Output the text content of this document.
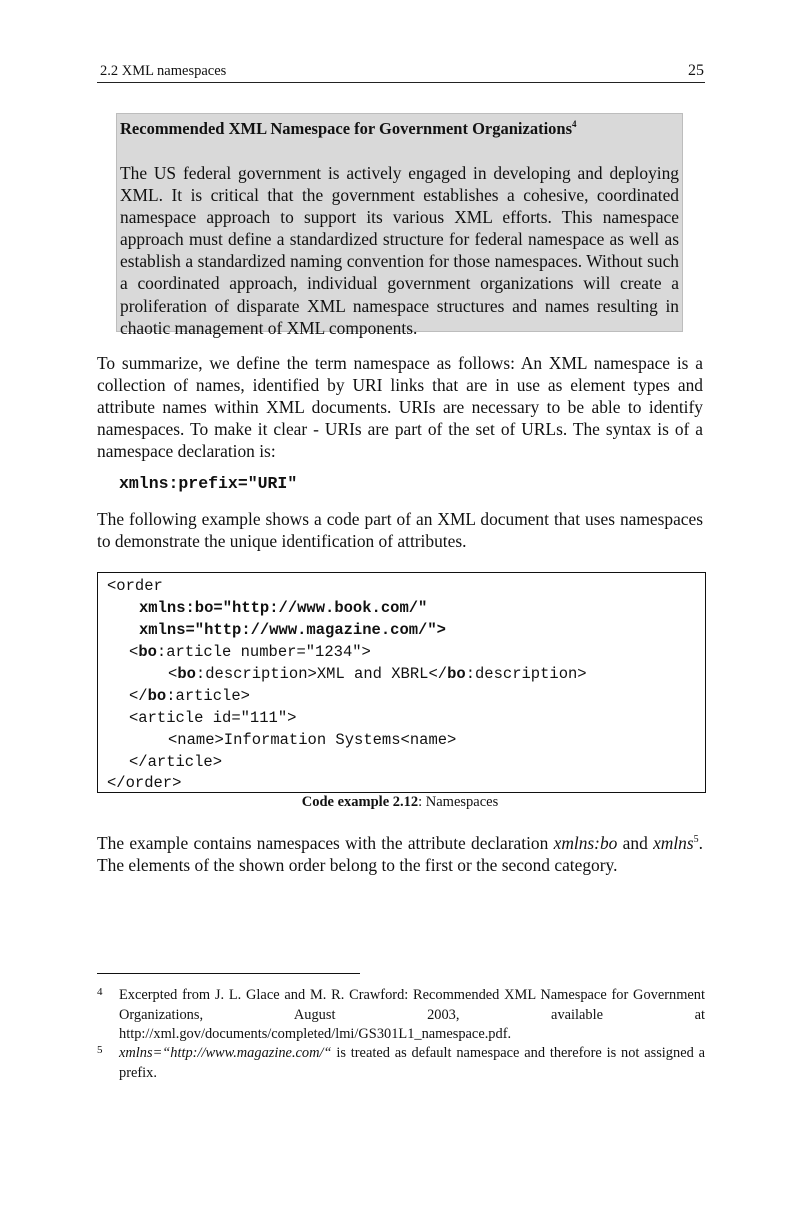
2.2 XML namespaces	25
Recommended XML Namespace for Government Organizations$^4$
The US federal government is actively engaged in developing and deploying XML. It is critical that the government establishes a cohesive, coordinated namespace approach to support its various XML efforts. This namespace approach must define a standardized structure for federal namespace as well as establish a standardized naming convention for those namespaces. Without such a coordinated approach, individual government organizations will create a proliferation of disparate XML namespace structures and names resulting in chaotic management of XML components.
To summarize, we define the term namespace as follows: An XML namespace is a collection of names, identified by URI links that are in use as element types and attribute names within XML documents. URIs are necessary to be able to identify namespaces. To make it clear - URIs are part of the set of URLs. The syntax is of a namespace declaration is:
xmlns:prefix="URI"
The following example shows a code part of an XML document that uses namespaces to demonstrate the unique identification of attributes.
<order
xmlns:bo="http://www.book.com/"
xmlns="http://www.magazine.com/">
<bo:article number="1234">
<bo:description>XML and XBRL</bo:description>
</bo:article>
<article id="111">
<name>Information Systems<name>
</article>
</order>
Code example 2.12: Namespaces
The example contains namespaces with the attribute declaration xmlns:bo and xmlns$^5$. The elements of the shown order belong to the first or the second category.
4 Excerpted from J. L. Glace and M. R. Crawford: Recommended XML Namespace for Government Organizations, August 2003, available at http://xml.gov/documents/completed/lmi/GS301L1_namespace.pdf.
5 xmlns=“http://www.magazine.com/“ is treated as default namespace and therefore is not assigned a prefix.
